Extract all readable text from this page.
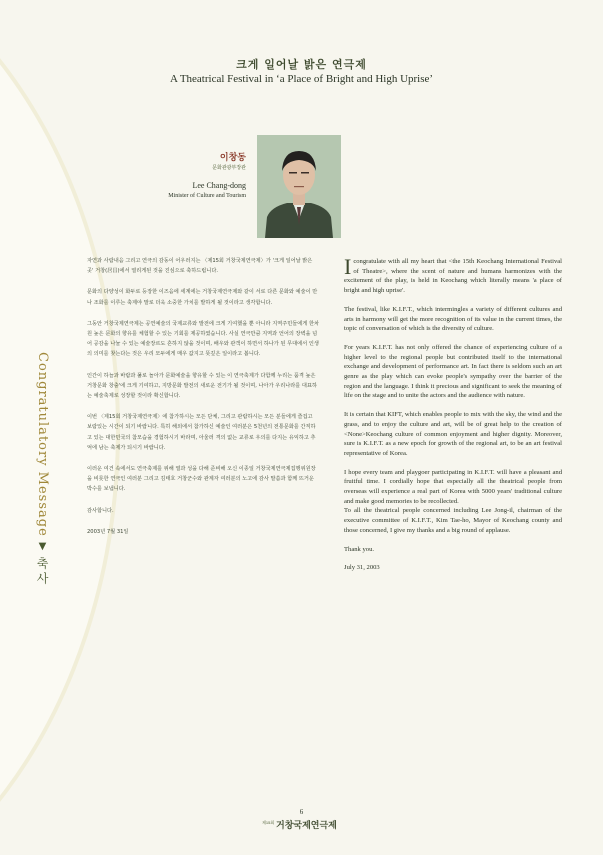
Congratulatory Message▼축사
크게 일어날 밝은 연극제
A Theatrical Festival in ‘a Place of Bright and High Uprise’
이창동
문화관광부장관
Lee Chang-dong
Minister of Culture and Tourism

자연과 사람내음 그리고 연극의 감동이 어우러지는 〈제15회 거창국제연극제〉가 '크게 일어날 밝은 곳' 거창(居昌)에서 열리게된 것을 진심으로 축하드립니다.

문화의 다양성이 화두로 등장한 이즈음에 세계에는 거창국제연극제와 같이 서로 다른 문화와 예술이 만나 조화를 이루는 축제야 말로 더욱 소중한 가치를 발하게 될 것이라고 생각합니다.

그동안 거창국제연극제는 공연예술의 국제교류와 발전에 크게 기여했을 뿐 아니라 지역주민들에게 한차원 높은 문화의 향유를 체험할 수 있는 기회를 제공하였습니다. 사실 연극만큼 지역과 언어의 장벽을 넘어 공감을 나눌 수 있는 예술장르도 흔하지 않을 것이며, 배우와 관객이 하면서 하나가 된 무대에서 인생의 의미를 찾는다는 것은 우리 모두에게 매우 값지고 뜻깊은 일이라고 봅니다.

인간이 하늘과 바람과 풀로 놀아가 문화예술을 향유할 수 있는 이 연극축제가 다함께 누리는 품격 높은 거창문화 창출'에 크게 기여하고, 지방문화 발전의 새로운 전기가 될 것이며, 나아가 우리나라를 대표하는 예술축제로 성장할 것이라 확신합니다.

이번 〈제15회 거창국제연극제〉에 참가하시는 모든 단체, 그리고 관람하시는 모든 분들에게 즐겁고 보람있는 시간이 되기 바랍니다. 특히 해외에서 참가하신 예술인 여러분은 5천년의 전통문화를 간직하고 있는 대한민국의 참모습을 경험하시기 바라며, 아울러 격의 없는 교류로 우의를 다지는 유익하고 추억에 남는 축제가 되시기 바랍니다.

이러운 여건 속에서도 연극축제를 위해 열과 성을 다해 준비해 오신 이종일 거창국제연극제집행위원장을 비롯한 연극인 여러분 그리고 김태호 거창군수와 관계자 여러분의 노고에 감사 말씀과 함께 뜨거운 박수를 보냅니다.

감사합니다.

2003년 7월 31일

Icongratulate with all my heart that <the 15th Keochang International Festival of Theatre>, where the scent of nature and humans harmonizes with the excitement of the play, is held in Keochang which literally means 'a place of bright and high uprise'.

The festival, like K.I.F.T., which intermingles a variety of different cultures and arts in harmony will get the more recognition of its value in the current times, the topic of conversation of which is the diversity of culture.

For years K.I.F.T. has not only offered the chance of experiencing culture of a higher level to the regional people but contributed itself to the international exchange and development of performance art. In fact there is seldom such an art genre as the play which can evoke people's sympathy over the barrier of the region and the language. I think it precious and significant to seek the meaning of life on the stage and to unite the actors and the audience with nature.

It is certain that KIFT, which enables people to mix with the sky, the wind and the grass, and to enjoy the culture and art, will be of great help to the creation of <None>Keochang culture of common enjoyment and higher dignity. Moreover, sure is K.I.F.T. as a new epoch for growth of the regional art, to be an art festival representative of Korea.

I hope every team and playgoer participating in K.I.F.T. will have a pleasant and fruitful time. I cordially hope that especially all the theatrical people from overseas will experience a real part of Korea with 5000 years' traditional culture and make good memories to be recollected.

To all the theatrical people concerned including Lee Jong-il, chairman of the executive committee of K.I.F.T., Kim Tae-ho, Mayor of Keochang county and those concerned, I give my thanks and a big round of applause.

Thank you.

July 31, 2003

6
제15회 거창국제연극제
